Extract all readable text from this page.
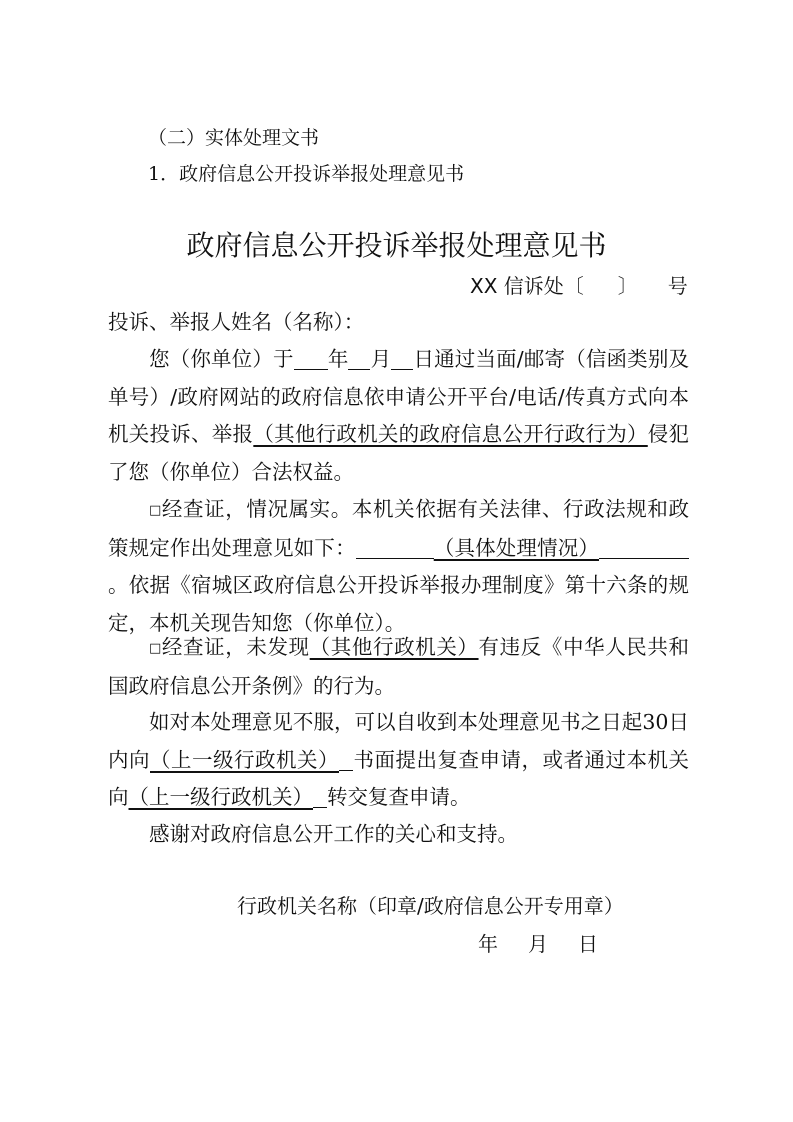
（二）实体处理文书
1．政府信息公开投诉举报处理意见书
政府信息公开投诉举报处理意见书
XX 信诉处〔 〕 号
投诉、举报人姓名（名称）：
您（你单位）于 年 月 日通过当面/邮寄（信函类别及单号）/政府网站的政府信息依申请公开平台/电话/传真方式向本机关投诉、举报（其他行政机关的政府信息公开行政行为）侵犯了您（你单位）合法权益。
□经查证，情况属实。本机关依据有关法律、行政法规和政策规定作出处理意见如下：	（具体处理情况）。依据《宿城区政府信息公开投诉举报办理制度》第十六条的规定，本机关现告知您（你单位）。
□经查证，未发现（其他行政机关）有违反《中华人民共和国政府信息公开条例》的行为。
如对本处理意见不服，可以自收到本处理意见书之日起30日内向（上一级行政机关） 书面提出复查申请，或者通过本机关向（上一级行政机关） 转交复查申请。
感谢对政府信息公开工作的关心和支持。
行政机关名称（印章/政府信息公开专用章）
年 月 日
